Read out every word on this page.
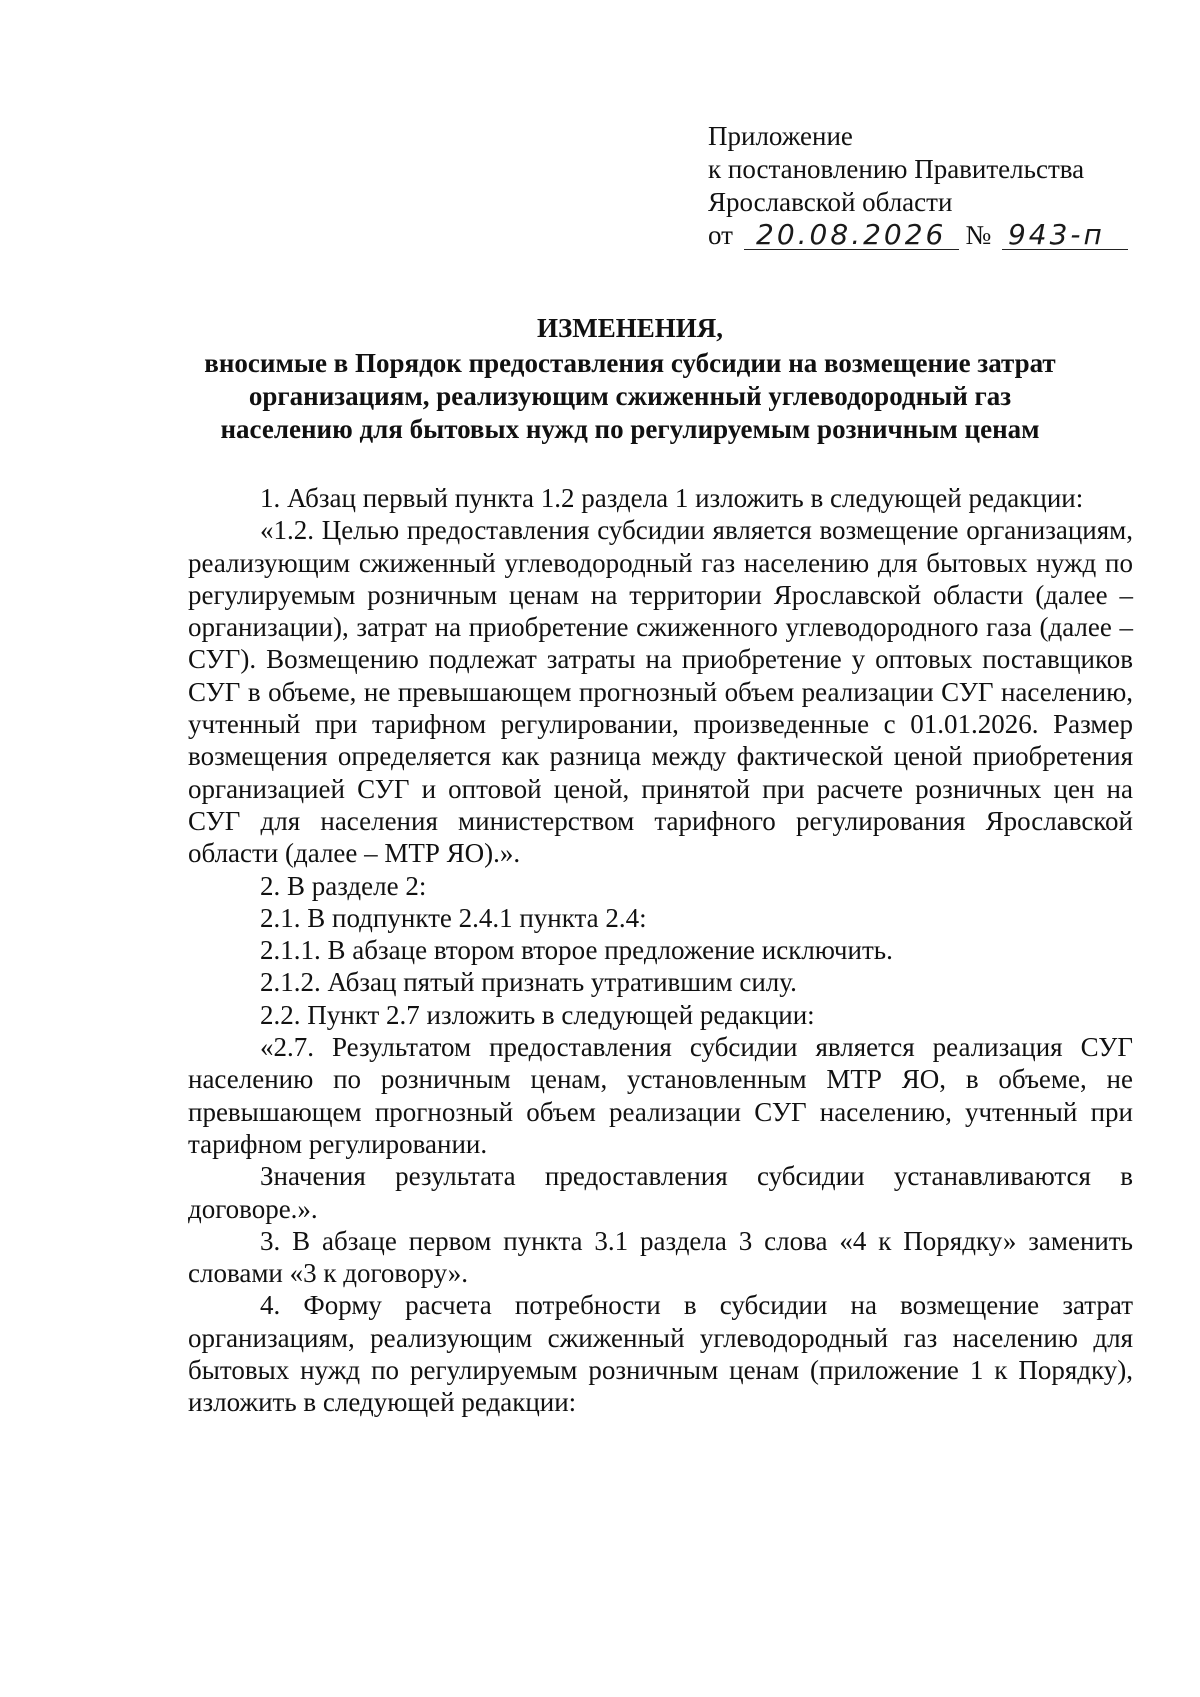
Приложение
к постановлению Правительства
Ярославской области
от 20.08.2026 № 943-п
ИЗМЕНЕНИЯ,
вносимые в Порядок предоставления субсидии на возмещение затрат
организациям, реализующим сжиженный углеводородный газ
населению для бытовых нужд по регулируемым розничным ценам

1. Абзац первый пункта 1.2 раздела 1 изложить в следующей редакции:

«1.2. Целью предоставления субсидии является возмещение организациям, реализующим сжиженный углеводородный газ населению для бытовых нужд по регулируемым розничным ценам на территории Ярославской области (далее – организации), затрат на приобретение сжиженного углеводородного газа (далее – СУГ). Возмещению подлежат затраты на приобретение у оптовых поставщиков СУГ в объеме, не превышающем прогнозный объем реализации СУГ населению, учтенный при тарифном регулировании, произведенные с 01.01.2026. Размер возмещения определяется как разница между фактической ценой приобретения организацией СУГ и оптовой ценой, принятой при расчете розничных цен на СУГ для населения министерством тарифного регулирования Ярославской области (далее – МТР ЯО).».

2. В разделе 2:

2.1. В подпункте 2.4.1 пункта 2.4:

2.1.1. В абзаце втором второе предложение исключить.

2.1.2. Абзац пятый признать утратившим силу.

2.2. Пункт 2.7 изложить в следующей редакции:

«2.7. Результатом предоставления субсидии является реализация СУГ населению по розничным ценам, установленным МТР ЯО, в объеме, не превышающем прогнозный объем реализации СУГ населению, учтенный при тарифном регулировании.

Значения результата предоставления субсидии устанавливаются в договоре.».

3. В абзаце первом пункта 3.1 раздела 3 слова «4 к Порядку» заменить словами «3 к договору».

4. Форму расчета потребности в субсидии на возмещение затрат организациям, реализующим сжиженный углеводородный газ населению для бытовых нужд по регулируемым розничным ценам (приложение 1 к Порядку), изложить в следующей редакции:
